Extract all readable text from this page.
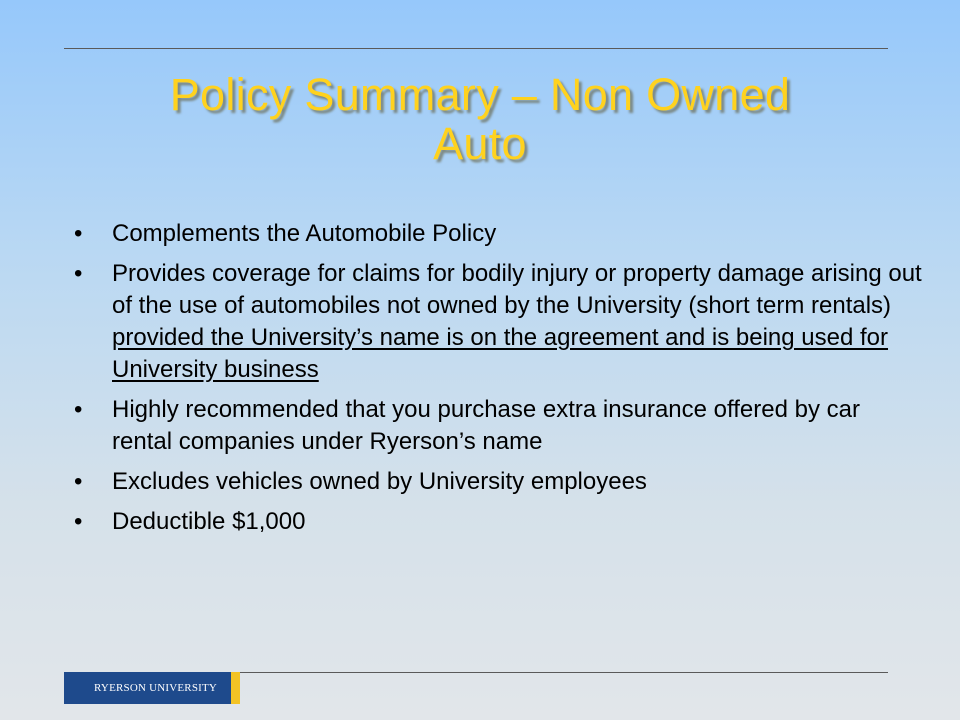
Policy Summary – Non Owned
Auto
• Complements the Automobile Policy
• Provides coverage for claims for bodily injury or property damage arising out of the use of automobiles not owned by the University (short term rentals) provided the University’s name is on the agreement and is being used for University business
• Highly recommended that you purchase extra insurance offered by car rental companies under Ryerson’s name
• Excludes vehicles owned by University employees
• Deductible $1,000
RYERSON UNIVERSITY
